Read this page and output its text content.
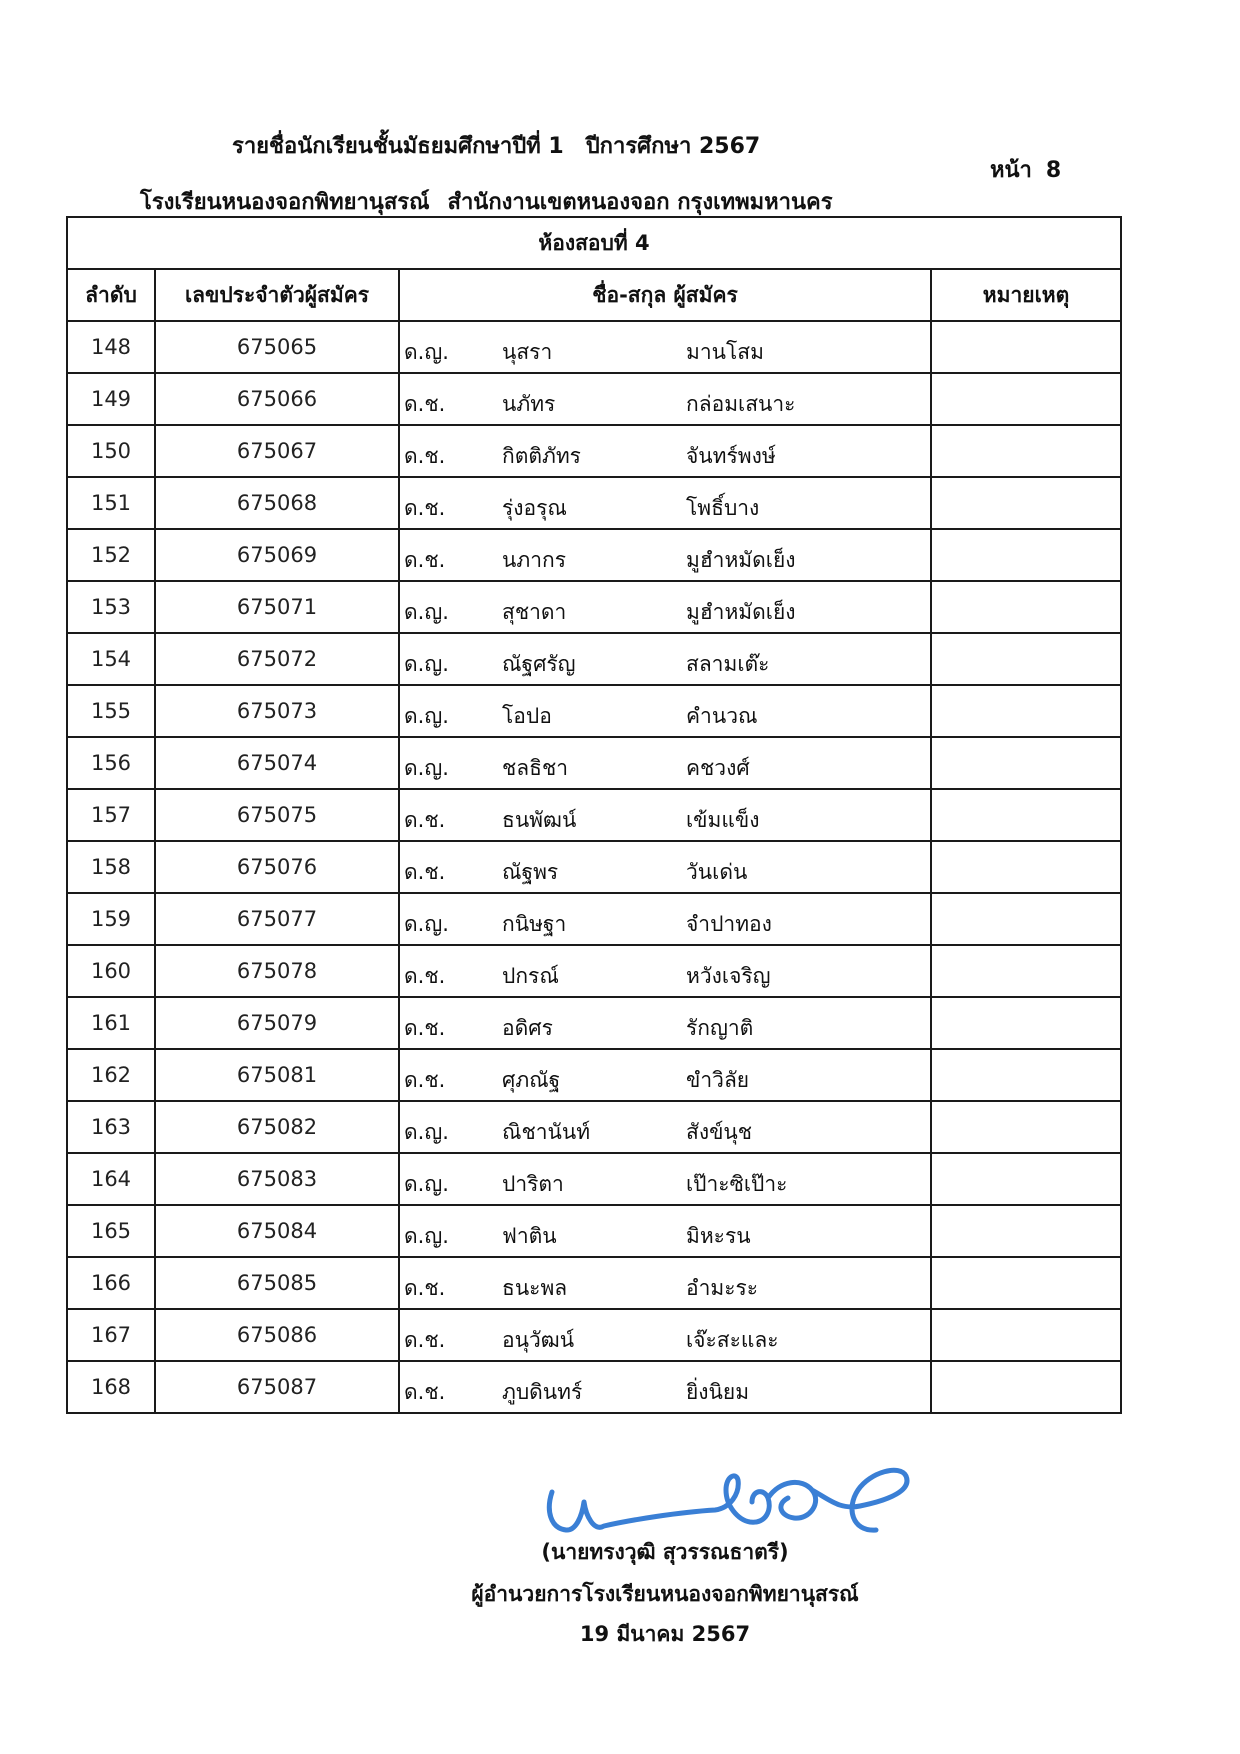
รายชื่อนักเรียนชั้นมัธยมศึกษาปีที่ 1 ปีการศึกษา 2567
หน้า 8
โรงเรียนหนองจอกพิทยานุสรณ์ สำนักงานเขตหนองจอก กรุงเทพมหานคร
ห้องสอบที่ 4			
ลำดับ	เลขประจำตัวผู้สมัคร	ชื่อ-สกุล ผู้สมัคร	หมายเหตุ
148	675065	ด.ญ. นุสรา มานโสม	

149	675066	ด.ช. นภัทร กล่อมเสนาะ	

150	675067	ด.ช. กิตติภัทร จันทร์พงษ์	

151	675068	ด.ช. รุ่งอรุณ โพธิ์บาง	

152	675069	ด.ช. นภากร มูฮำหมัดเย็ง	

153	675071	ด.ญ. สุชาดา มูฮำหมัดเย็ง	

154	675072	ด.ญ. ณัฐศรัญ สลามเต๊ะ	

155	675073	ด.ญ. โอปอ คำนวณ	

156	675074	ด.ญ. ชลธิชา คชวงศ์	

157	675075	ด.ช. ธนพัฒน์ เข้มแข็ง	

158	675076	ด.ช. ณัฐพร วันเด่น	

159	675077	ด.ญ. กนิษฐา จำปาทอง	

160	675078	ด.ช. ปกรณ์ หวังเจริญ	

161	675079	ด.ช. อดิศร รักญาติ	

162	675081	ด.ช. ศุภณัฐ ขำวิลัย	

163	675082	ด.ญ. ณิชานันท์ สังข์นุช	

164	675083	ด.ญ. ปาริตา เป๊าะซิเป๊าะ	

165	675084	ด.ญ. ฟาติน มิหะรน	

166	675085	ด.ช. ธนะพล อำมะระ	

167	675086	ด.ช. อนุวัฒน์ เจ๊ะสะและ	

168	675087	ด.ช. ภูบดินทร์ ยิ่งนิยม	

(นายทรงวุฒิ สุวรรณธาตรี)
ผู้อำนวยการโรงเรียนหนองจอกพิทยานุสรณ์
19 มีนาคม 2567
